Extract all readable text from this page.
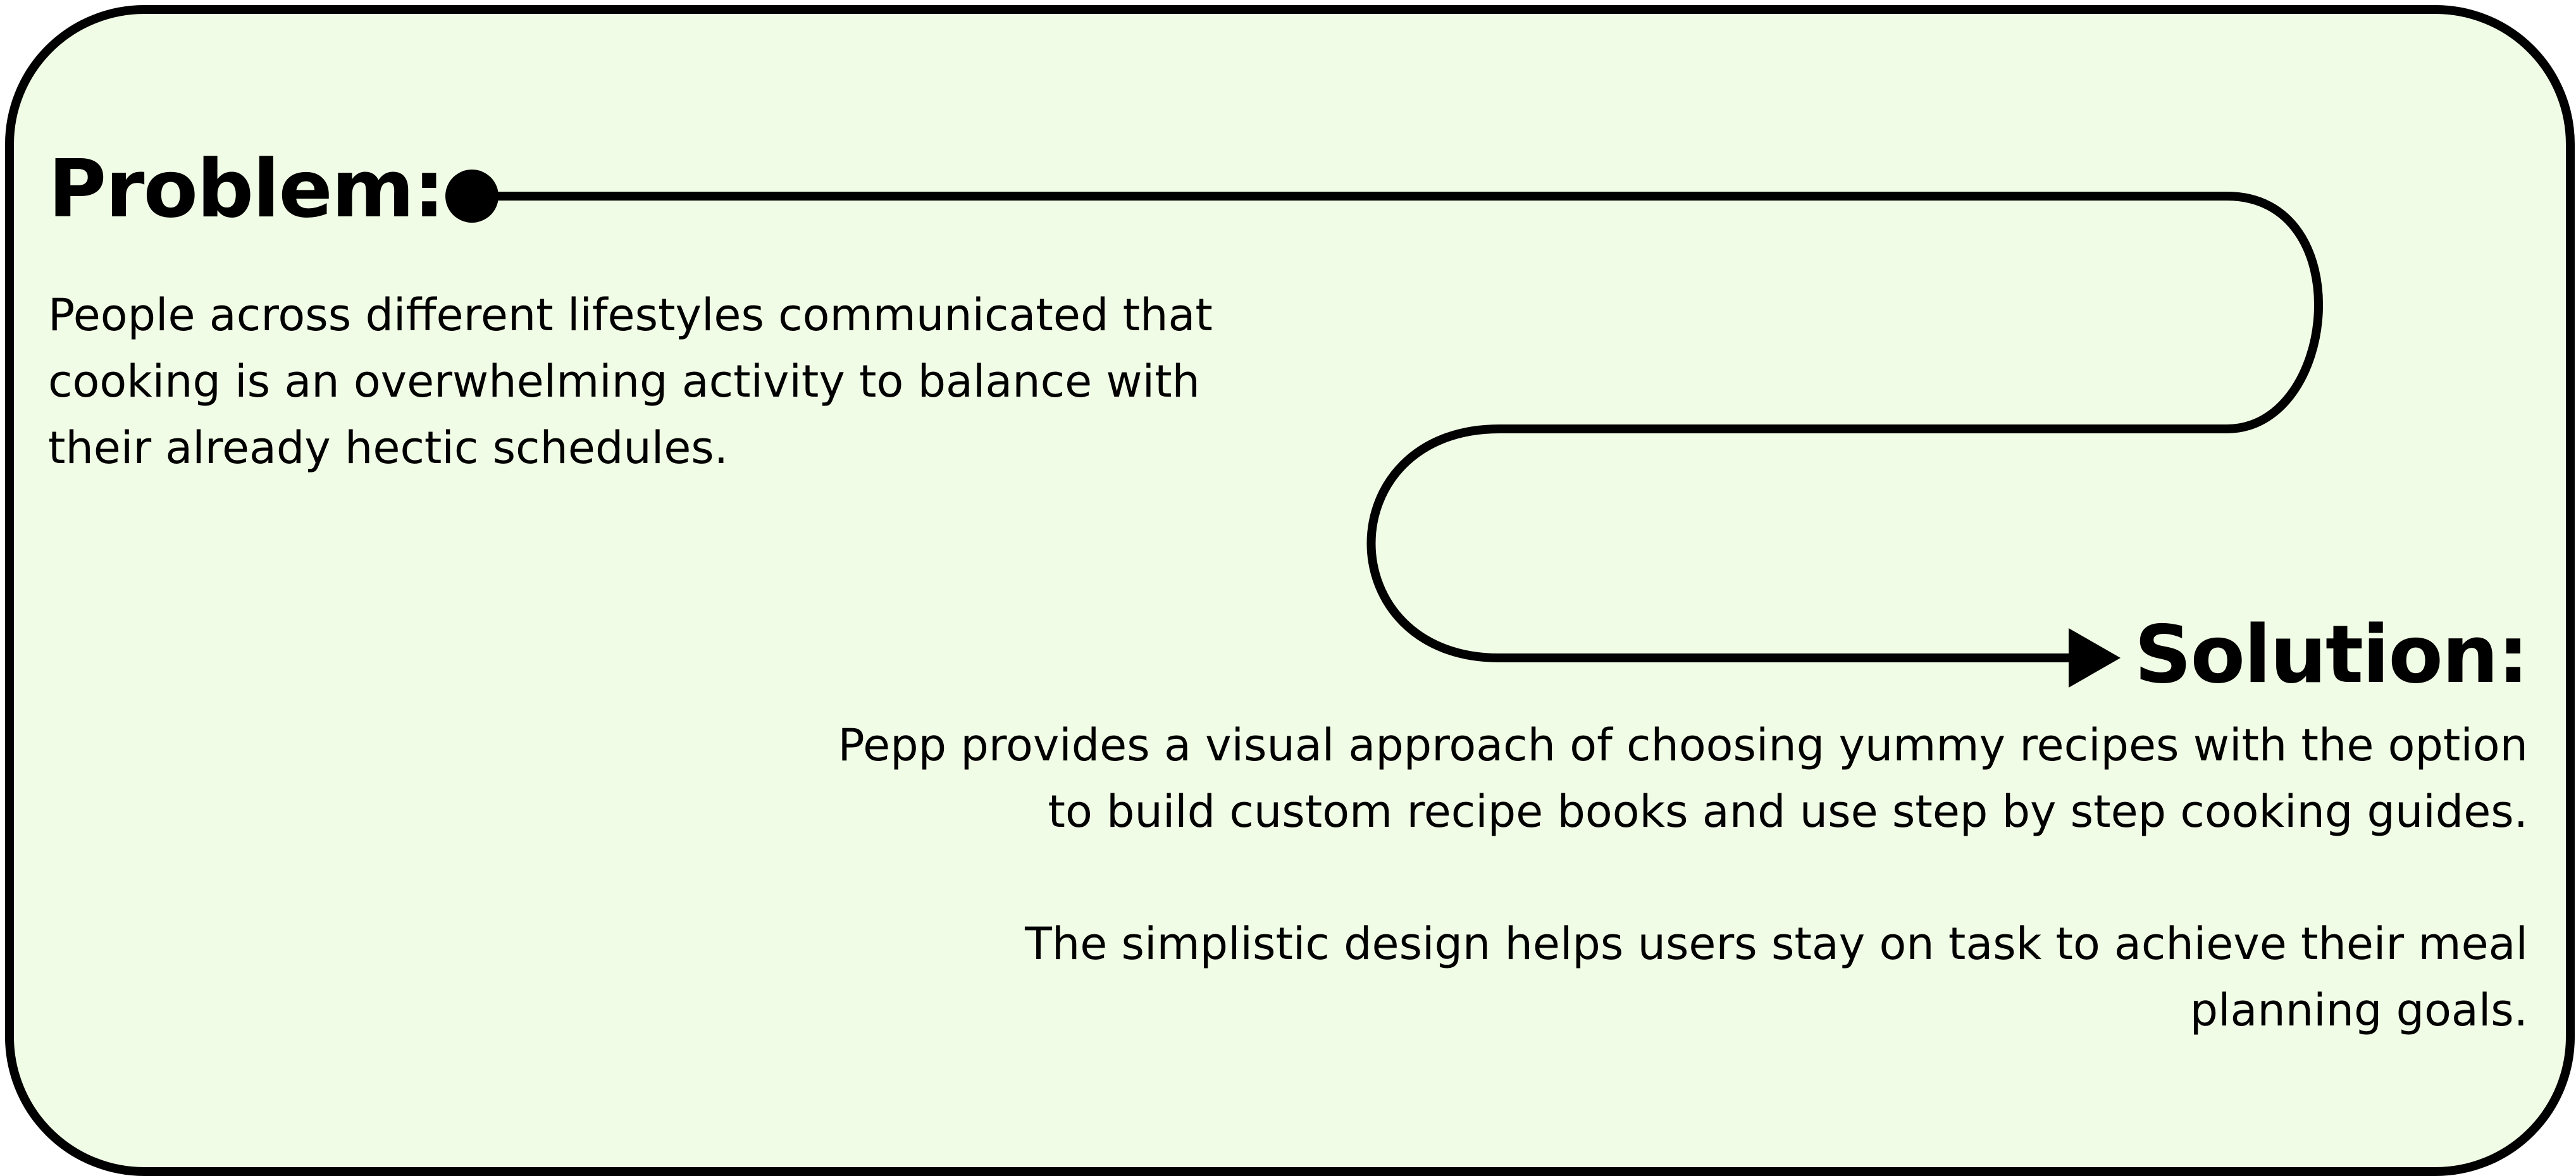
Problem:

People across different lifestyles communicated that cooking is an overwhelming activity to balance with their already hectic schedules.

Solution:

Pepp provides a visual approach of choosing yummy recipes with the option to build custom recipe books and use step by step cooking guides.

The simplistic design helps users stay on task to achieve their meal planning goals.
